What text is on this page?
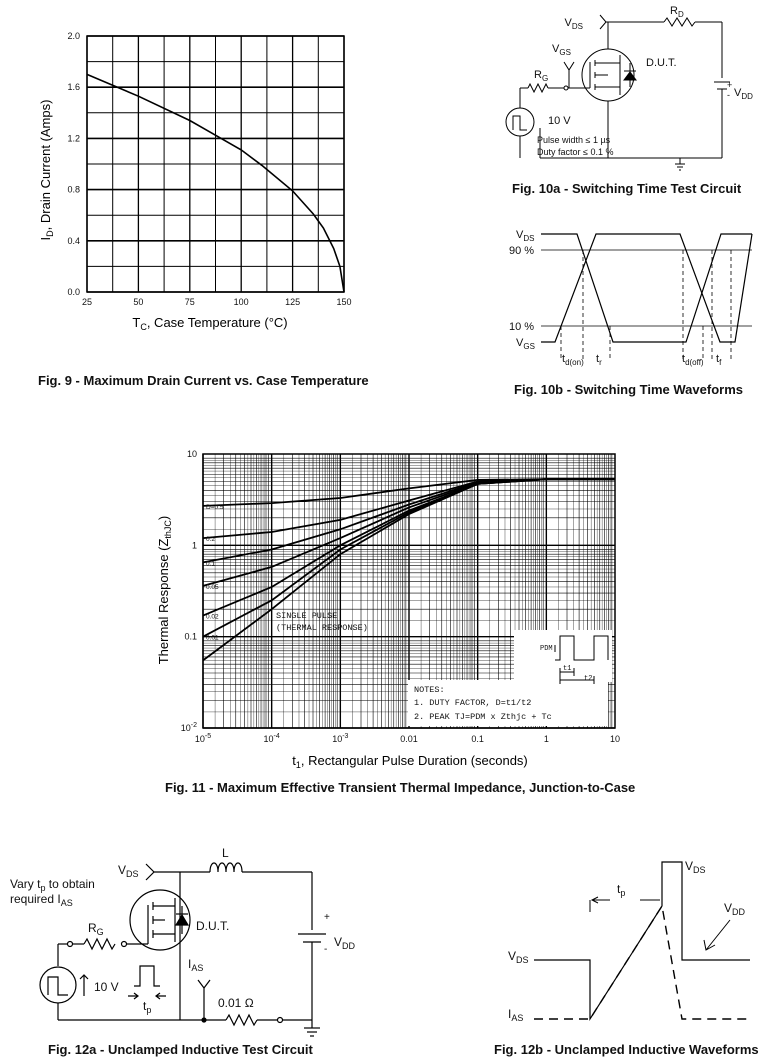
25	50	75	100	125	150
0.0
0.4
0.8
1.2
1.6
2.0
$I_D$, Drain Current (Amps)
$T_C$, Case Temperature (°C)
$V_{DS}$
$R_D$
$V_{GS}$
$R_G$
D.U.T.
+
- $V_{DD}$
10 V
Pulse width ≤ 1 µs
Duty factor ≤ 0.1 %
$V_{DS}$
90 %
10 %
$V_{GS}$
$t_{d(on)}$ $t_r$	$t_{d(off)}$ $t_f$
$10^{-5}$	$10^{-4}$	$10^{-3}$	0.01	0.1	1	10
$10^{-2}$
0.1
1
10
SINGLE PULSE
(THERMAL RESPONSE)
NOTES:
1. DUTY FACTOR, D=t1/t2
2. PEAK TJ=PDM x Zthjc + Tc
PDM
t1
t2
D=0.5
0.2
0.1
0.05
0.02
0.01
Thermal Response $(Z_{thJC})$
$t_1$, Rectangular Pulse Duration (seconds)
Vary $t_p$ to obtain
required $I_{AS}$
$V_{DS}$
L
$R_G$	D.U.T.
+
-
$V_{DD}$
$I_{AS}$
10 V
$t_p$	0.01 Ω
$V_{DS}$
$V_{DD}$
$V_{DS}$
$I_{AS}$
$t_p$
Fig. 9 - Maximum Drain Current vs. Case Temperature
Fig. 10a - Switching Time Test Circuit
Fig. 10b - Switching Time Waveforms
Fig. 11 - Maximum Effective Transient Thermal Impedance, Junction-to-Case
Fig. 12a - Unclamped Inductive Test Circuit	Fig. 12b - Unclamped Inductive Waveforms
